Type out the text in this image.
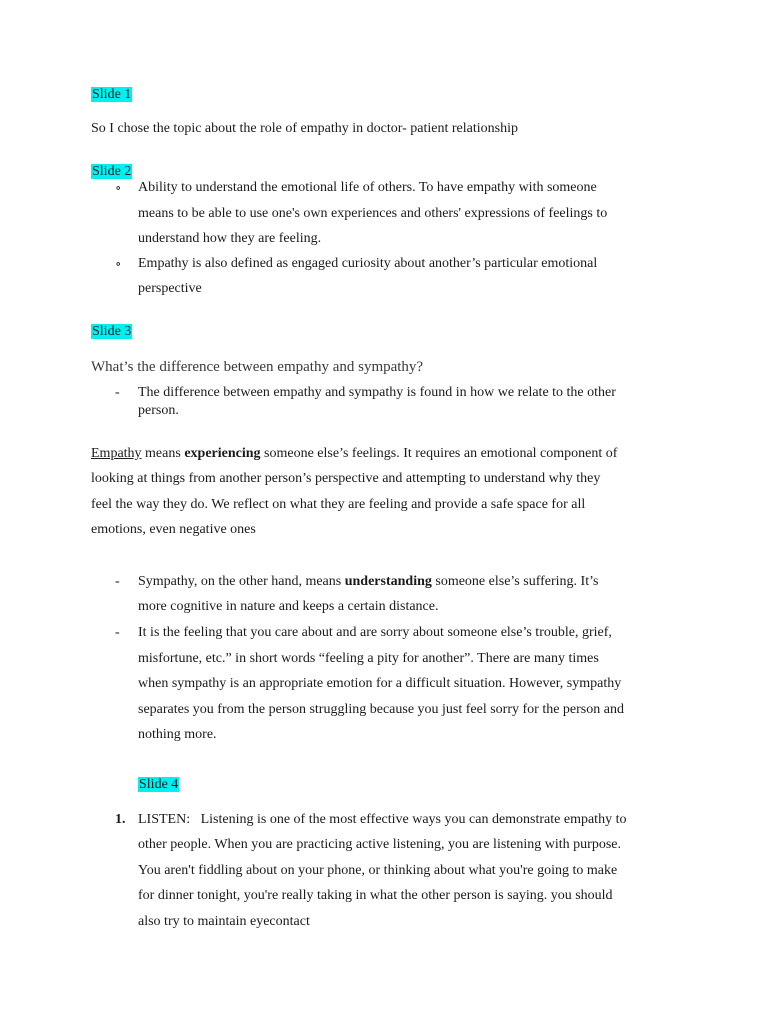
Slide 1
So I chose the topic about the role of empathy in doctor- patient relationship
Slide 2
∘ Ability to understand the emotional life of others. To have empathy with someone
means to be able to use one's own experiences and others' expressions of feelings to
understand how they are feeling.
∘ Empathy is also defined as engaged curiosity about another’s particular emotional
perspective
Slide 3
What’s the difference between empathy and sympathy?
- The difference between empathy and sympathy is found in how we relate to the other
person.
Empathy means experiencing someone else’s feelings. It requires an emotional component of
looking at things from another person’s perspective and attempting to understand why they
feel the way they do. We reflect on what they are feeling and provide a safe space for all
emotions, even negative ones
- Sympathy, on the other hand, means understanding someone else’s suffering. It’s
more cognitive in nature and keeps a certain distance.
- It is the feeling that you care about and are sorry about someone else’s trouble, grief,
misfortune, etc.” in short words “feeling a pity for another”. There are many times
when sympathy is an appropriate emotion for a difficult situation. However, sympathy
separates you from the person struggling because you just feel sorry for the person and
nothing more.
Slide 4
1. LISTEN:   Listening is one of the most effective ways you can demonstrate empathy to
other people. When you are practicing active listening, you are listening with purpose.
You aren't fiddling about on your phone, or thinking about what you're going to make
for dinner tonight, you're really taking in what the other person is saying. you should
also try to maintain eyecontact
